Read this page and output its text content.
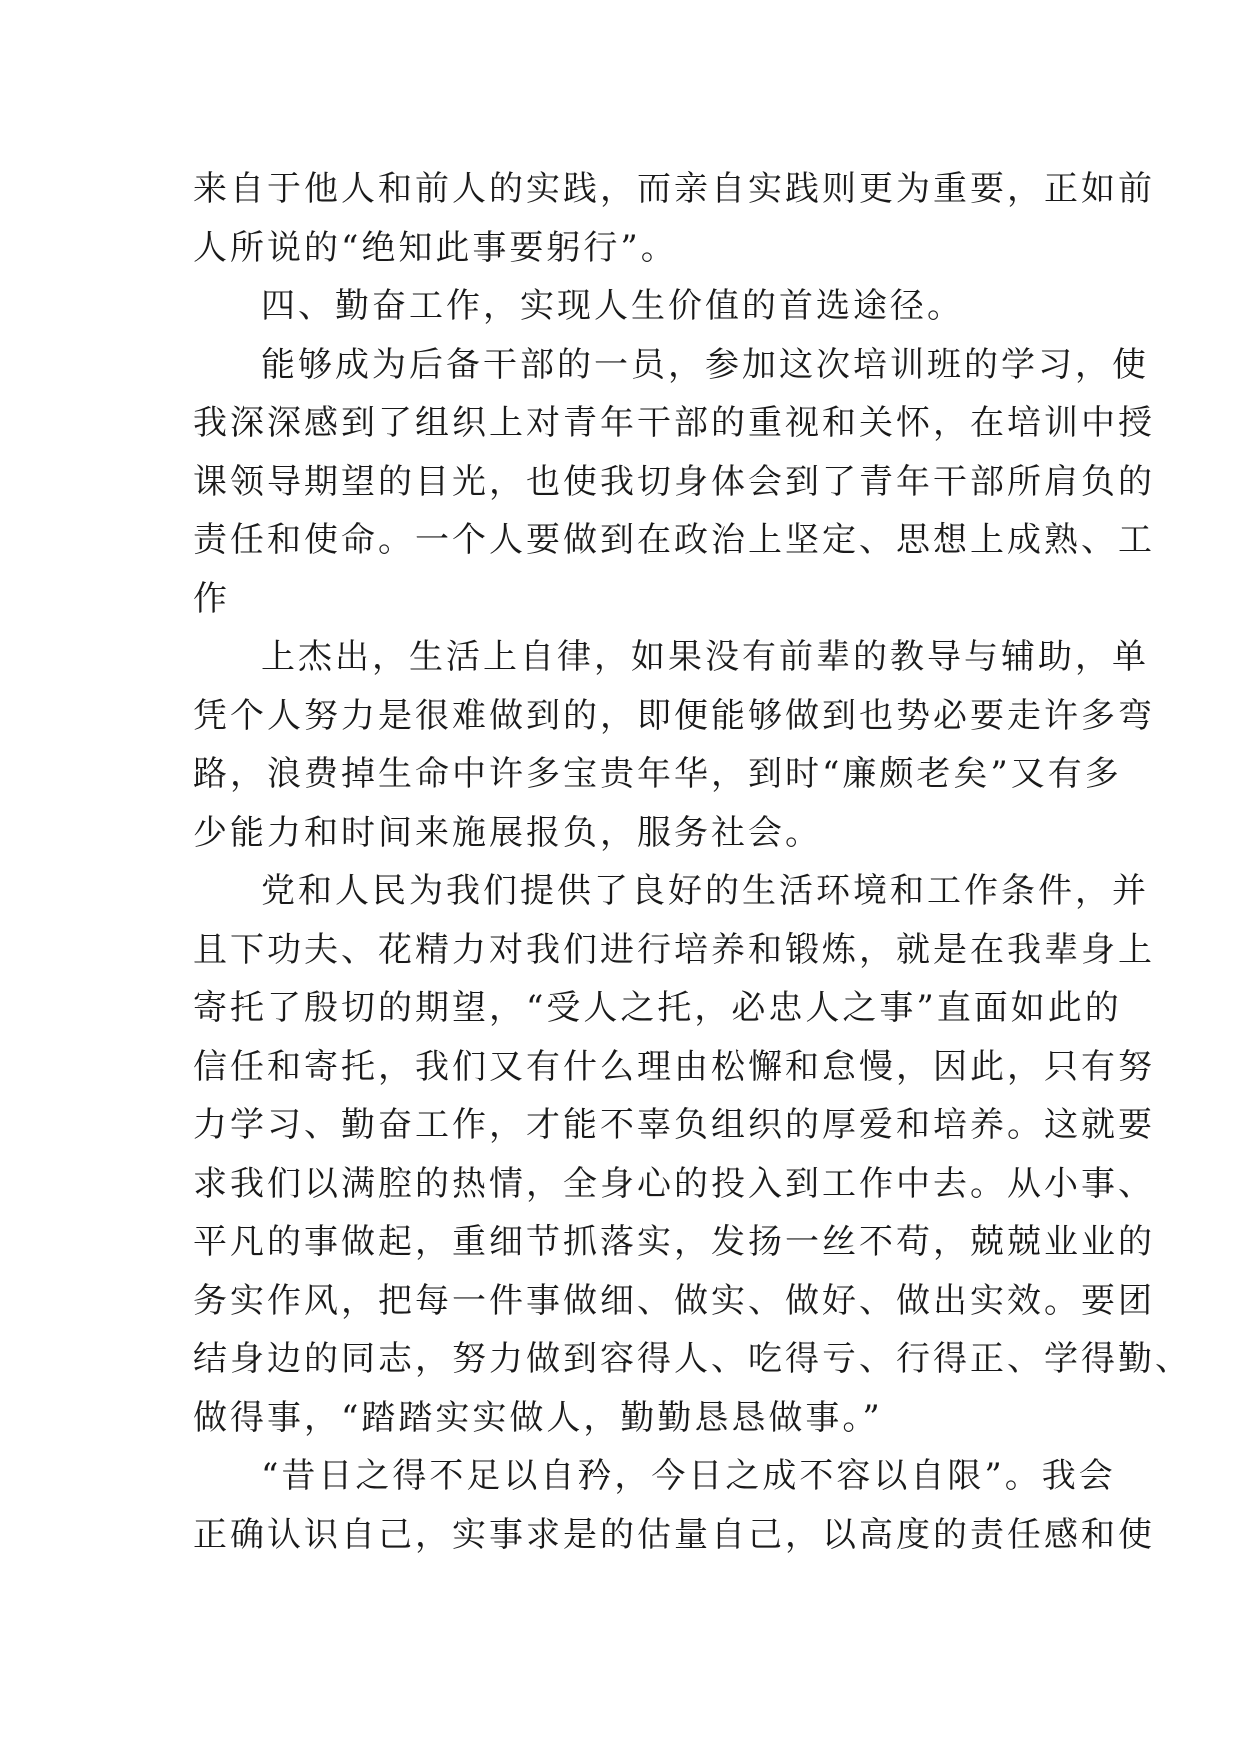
来自于他人和前人的实践，而亲自实践则更为重要，正如前
人所说的“绝知此事要躬行”。
四、勤奋工作，实现人生价值的首选途径。
能够成为后备干部的一员，参加这次培训班的学习，使
我深深感到了组织上对青年干部的重视和关怀，在培训中授
课领导期望的目光，也使我切身体会到了青年干部所肩负的
责任和使命。一个人要做到在政治上坚定、思想上成熟、工
作
上杰出，生活上自律，如果没有前辈的教导与辅助，单
凭个人努力是很难做到的，即便能够做到也势必要走许多弯
路，浪费掉生命中许多宝贵年华，到时“廉颇老矣”又有多
少能力和时间来施展报负，服务社会。
党和人民为我们提供了良好的生活环境和工作条件，并
且下功夫、花精力对我们进行培养和锻炼，就是在我辈身上
寄托了殷切的期望，“受人之托，必忠人之事”直面如此的
信任和寄托，我们又有什么理由松懈和怠慢，因此，只有努
力学习、勤奋工作，才能不辜负组织的厚爱和培养。这就要
求我们以满腔的热情，全身心的投入到工作中去。从小事、
平凡的事做起，重细节抓落实，发扬一丝不苟，兢兢业业的
务实作风，把每一件事做细、做实、做好、做出实效。要团
结身边的同志，努力做到容得人、吃得亏、行得正、学得勤、
做得事，“踏踏实实做人，勤勤恳恳做事。”
“昔日之得不足以自矜，今日之成不容以自限”。我会
正确认识自己，实事求是的估量自己，以高度的责任感和使
